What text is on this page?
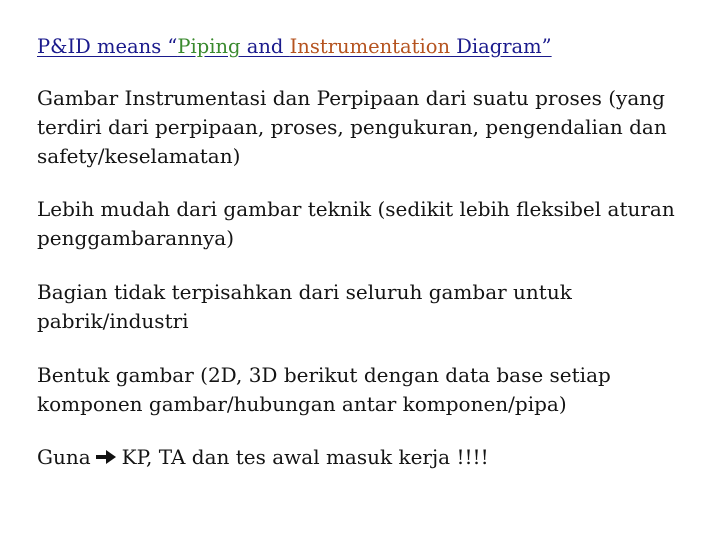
P&ID means “Piping and Instrumentation Diagram”

Gambar Instrumentasi dan Perpipaan dari suatu proses (yang terdiri dari perpipaan, proses, pengukuran, pengendalian dan safety/keselamatan)

Lebih mudah dari gambar teknik (sedikit lebih fleksibel aturan penggambarannya)

Bagian tidak terpisahkan dari seluruh gambar untuk pabrik/industri

Bentuk gambar (2D, 3D berikut dengan data base setiap komponen gambar/hubungan antar komponen/pipa)

Guna KP, TA dan tes awal masuk kerja !!!!
